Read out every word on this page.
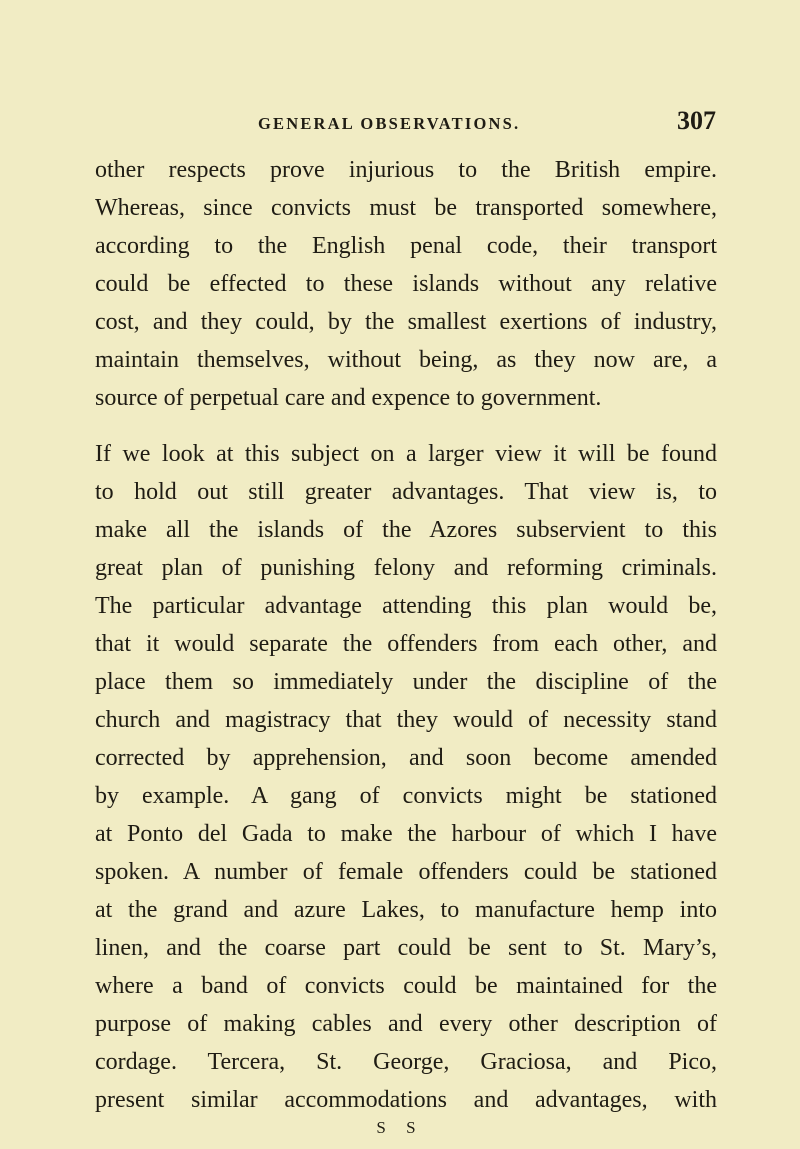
GENERAL OBSERVATIONS.	307

other respects prove injurious to the British empire.

Whereas, since convicts must be transported somewhere,

according to the English penal code, their transport

could be effected to these islands without any relative

cost, and they could, by the smallest exertions of industry,

maintain themselves, without being, as they now are, a

source of perpetual care and expence to government.

If we look at this subject on a larger view it will be found

to hold out still greater advantages. That view is, to

make all the islands of the Azores subservient to this

great plan of punishing felony and reforming criminals.

The particular advantage attending this plan would be,

that it would separate the offenders from each other, and

place them so immediately under the discipline of the

church and magistracy that they would of necessity stand

corrected by apprehension, and soon become amended

by example. A gang of convicts might be stationed

at Ponto del Gada to make the harbour of which I have

spoken. A number of female offenders could be stationed

at the grand and azure Lakes, to manufacture hemp into

linen, and the coarse part could be sent to St. Mary’s,

where a band of convicts could be maintained for the

purpose of making cables and every other description of

cordage. Tercera, St. George, Graciosa, and Pico,

present similar accommodations and advantages, with

S S
